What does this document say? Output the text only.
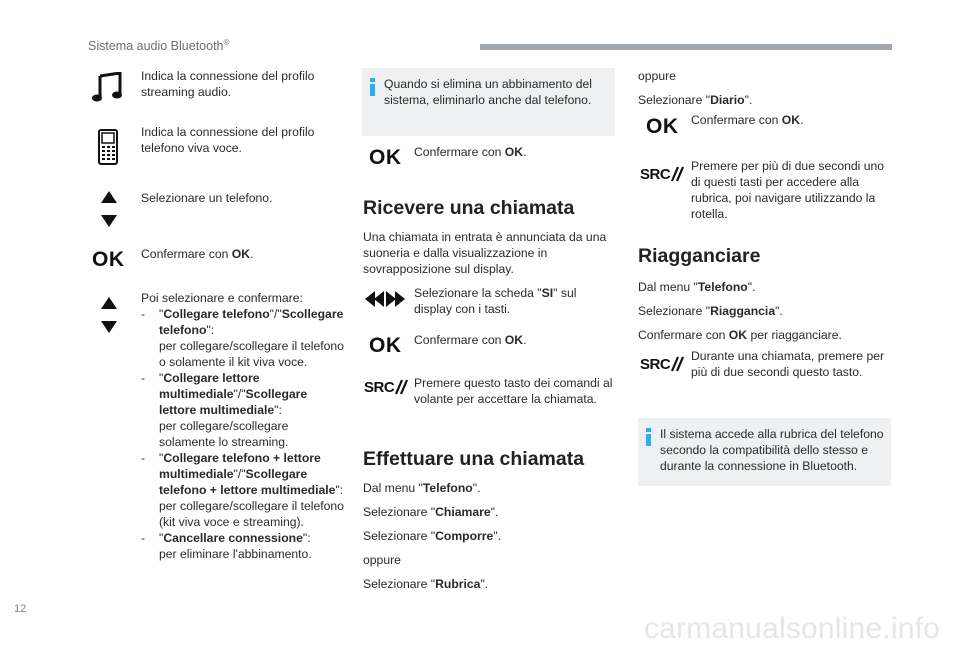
Sistema audio Bluetooth®

Indica la connessione del profilo streaming audio.

Indica la connessione del profilo telefono viva voce.

Selezionare un telefono.

OK Confermare con OK.

Poi selezionare e confermare:

- "Collegare telefono"/"Scollegare telefono":
per collegare/scollegare il telefono o solamente il kit viva voce.
- "Collegare lettore multimediale"/"Scollegare lettore multimediale":
per collegare/scollegare solamente lo streaming.
- "Collegare telefono + lettore multimediale"/"Scollegare telefono + lettore multimediale":
per collegare/scollegare il telefono (kit viva voce e streaming).
- "Cancellare connessione":
per eliminare l'abbinamento.

Quando si elimina un abbinamento del sistema, eliminarlo anche dal telefono.

OK Confermare con OK.

Ricevere una chiamata

Una chiamata in entrata è annunciata da una suoneria e dalla visualizzazione in sovrapposizione sul display.

Selezionare la scheda "SI" sul display con i tasti.

OK Confermare con OK.

SRC	Premere questo tasto dei comandi al volante per accettare la chiamata.

Effettuare una chiamata

Dal menu "Telefono".

Selezionare "Chiamare".

Selezionare "Comporre".

oppure

Selezionare "Rubrica".

oppure

Selezionare "Diario".

OK Confermare con OK.

SRC	Premere per più di due secondi uno di questi tasti per accedere alla rubrica, poi navigare utilizzando la rotella.

Riagganciare

Dal menu "Telefono".

Selezionare "Riaggancia".

Confermare con OK per riagganciare.

SRC	Durante una chiamata, premere per più di due secondi questo tasto.

Il sistema accede alla rubrica del telefono secondo la compatibilità dello stesso e durante la connessione in Bluetooth.

12
carmanualsonline.info
